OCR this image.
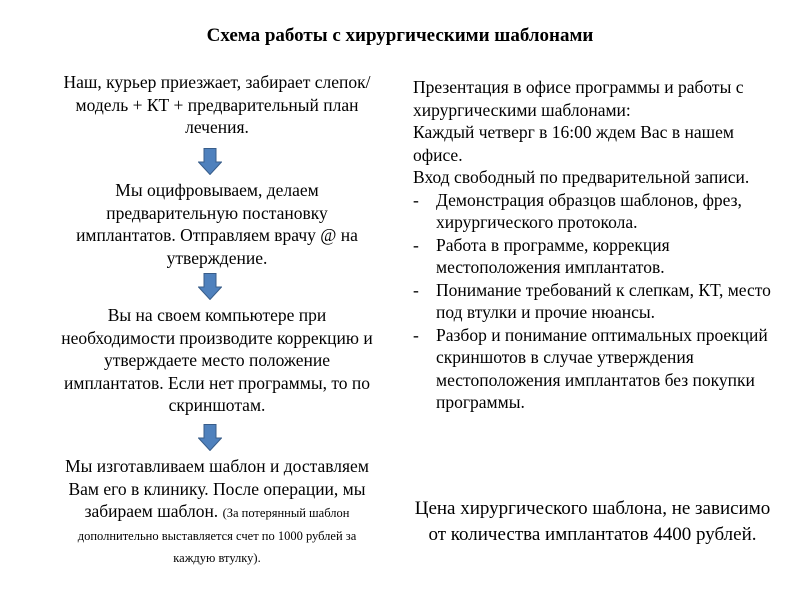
Схема работы с хирургическими шаблонами

Наш, курьер приезжает, забирает слепок/модель + КТ + предварительный план лечения.

Мы оцифровываем, делаем предварительную постановку имплантатов. Отправляем врачу @ на утверждение.

Вы на своем компьютере при необходимости производите коррекцию и утверждаете место положение имплантатов. Если нет программы, то по скриншотам.

Мы изготавливаем шаблон и доставляем Вам его в клинику. После операции, мы забираем шаблон. (За потерянный шаблон дополнительно выставляется счет по 1000 рублей за каждую втулку).

Презентация в офисе программы и работы с хирургическими шаблонами:

Каждый четверг в 16:00 ждем Вас в нашем офисе.

Вход свободный по предварительной записи.

- Демонстрация образцов шаблонов, фрез, хирургического протокола.
- Работа в программе, коррекция местоположения имплантатов.
- Понимание требований к слепкам, КТ, место под втулки и прочие нюансы.
- Разбор и понимание оптимальных проекций скриншотов в случае утверждения местоположения имплантатов без покупки программы.
Цена хирургического шаблона, не зависимо от количества имплантатов 4400 рублей.
